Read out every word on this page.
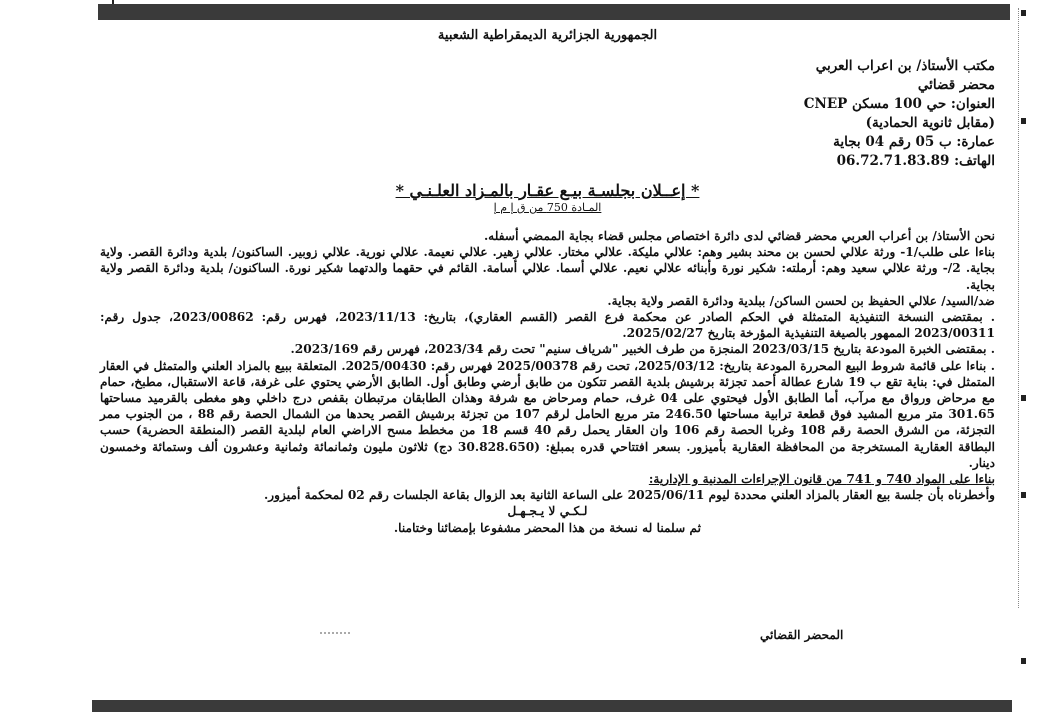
الجمهورية الجزائرية الديمقراطية الشعبية
مكتب الأستاذ/ بن اعراب العربي
محضر قضائي
العنوان: حي 100 مسكن CNEP
(مقابل ثانوية الحمادية)
عمارة: ب 05 رقم 04 بجاية
الهاتف: 06.72.71.83.89
* إعــلان بجلسـة بيـع عقـار بالمـزاد العلـنـي *
المـادة 750 من ق إ م إ

نحن الأستاذ/ بن أعراب العربي محضر قضائي لدى دائرة اختصاص مجلس قضاء بجاية الممضي أسفله.

بناءا على طلب/1- ورثة علالي لحسن بن محند بشير وهم: علالي مليكة. علالي مختار. علالي زهير. علالي نعيمة. علالي نورية. علالي زوبير. الساكنون/ بلدية ودائرة القصر. ولاية بجاية. 2/- ورثة علالي سعيد وهم: أرملته: شكير نورة وأبنائه علالي نعيم. علالي أسما. علالي أسامة. القائم في حقهما والدتهما شكير نورة. الساكنون/ بلدية ودائرة القصر ولاية بجاية.

ضد/السيد/ علالي الحفيظ بن لحسن الساكن/ ببلدية ودائرة القصر ولاية بجاية.

. بمقتضى النسخة التنفيذية المتمثلة في الحكم الصادر عن محكمة فرع القصر (القسم العقاري)، بتاريخ: 2023/11/13، فهرس رقم: 2023/00862، جدول رقم: 2023/00311 الممهور بالصيغة التنفيذية المؤرخة بتاريخ 2025/02/27.

. بمقتضى الخبرة المودعة بتاريخ 2023/03/15 المنجزة من طرف الخبير "شرياف سنيم" تحت رقم 2023/34، فهرس رقم 2023/169.

. بناءا على قائمة شروط البيع المحررة المودعة بتاريخ: 2025/03/12، تحت رقم 2025/00378 فهرس رقم: 2025/00430. المتعلقة ببيع بالمزاد العلني والمتمثل في العقار المتمثل في: بناية تقع ب 19 شارع عطالة أحمد تجزئة برشيش بلدية القصر تتكون من طابق أرضي وطابق أول. الطابق الأرضي يحتوي على غرفة، قاعة الاستقبال، مطبخ، حمام مع مرحاض ورواق مع مرآب، أما الطابق الأول فيحتوي على 04 غرف، حمام ومرحاض مع شرفة وهذان الطابقان مرتبطان بقفص درج داخلي وهو مغطى بالقرميد مساحتها 301.65 متر مربع المشيد فوق قطعة ترابية مساحتها 246.50 متر مربع الحامل لرقم 107 من تجزئة برشيش القصر يحدها من الشمال الحصة رقم 88 ، من الجنوب ممر التجزئة، من الشرق الحصة رقم 108 وغربا الحصة رقم 106 وان العقار يحمل رقم 40 قسم 18 من مخطط مسح الاراضي العام لبلدية القصر (المنطقة الحضرية) حسب البطاقة العقارية المستخرجة من المحافظة العقارية بأميزور. بسعر افتتاحي قدره بمبلغ: (30.828.650 دج) ثلاثون مليون وثمانمائة وثمانية وعشرون ألف وستمائة وخمسون دينار.

بناءا على المواد 740 و 741 من قانون الإجراءات المدنية و الإدارية:

وأخطرناه بأن جلسة بيع العقار بالمزاد العلني محددة ليوم 2025/06/11 على الساعة الثانية بعد الزوال بقاعة الجلسات رقم 02 لمحكمة أميزور.

لـكـي لا يـجـهـل

ثم سلمنا له نسخة من هذا المحضر مشفوعا بإمضائنا وختامنا.

المحضر القضائي
